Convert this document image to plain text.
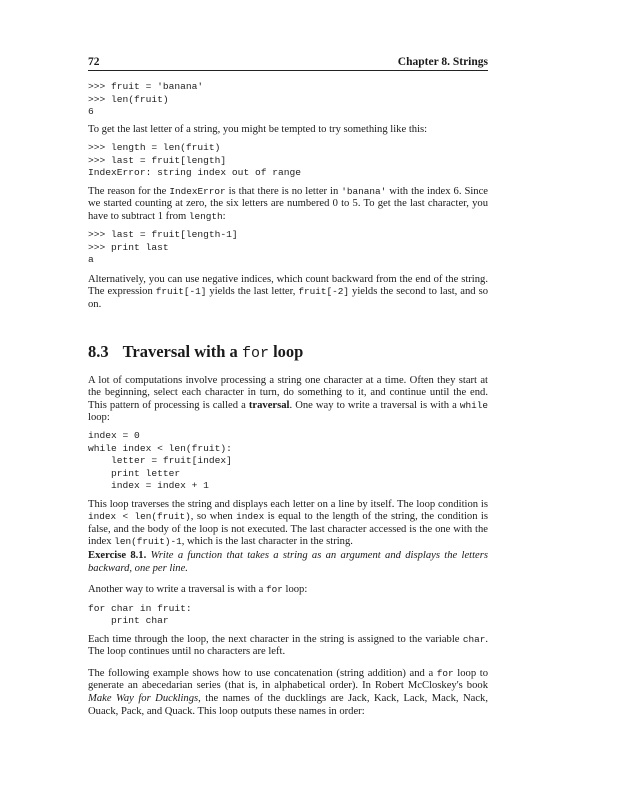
72	Chapter 8. Strings
>>> fruit = 'banana'
>>> len(fruit)
6

To get the last letter of a string, you might be tempted to try something like this:

>>> length = len(fruit)
>>> last = fruit[length]
IndexError: string index out of range

The reason for the IndexError is that there is no letter in 'banana' with the index 6. Since we started counting at zero, the six letters are numbered 0 to 5. To get the last character, you have to subtract 1 from length:

>>> last = fruit[length-1]
>>> print last
a

Alternatively, you can use negative indices, which count backward from the end of the string. The expression fruit[-1] yields the last letter, fruit[-2] yields the second to last, and so on.

8.3 Traversal with a for loop

A lot of computations involve processing a string one character at a time. Often they start at the beginning, select each character in turn, do something to it, and continue until the end. This pattern of processing is called a traversal. One way to write a traversal is with a while loop:

index = 0
while index < len(fruit):
letter = fruit[index]
print letter
index = index + 1

This loop traverses the string and displays each letter on a line by itself. The loop condition is index < len(fruit), so when index is equal to the length of the string, the condition is false, and the body of the loop is not executed. The last character accessed is the one with the index len(fruit)-1, which is the last character in the string.

Exercise 8.1. Write a function that takes a string as an argument and displays the letters backward, one per line.

Another way to write a traversal is with a for loop:

for char in fruit:
print char

Each time through the loop, the next character in the string is assigned to the variable char. The loop continues until no characters are left.

The following example shows how to use concatenation (string addition) and a for loop to generate an abecedarian series (that is, in alphabetical order). In Robert McCloskey's book Make Way for Ducklings, the names of the ducklings are Jack, Kack, Lack, Mack, Nack, Ouack, Pack, and Quack. This loop outputs these names in order:
